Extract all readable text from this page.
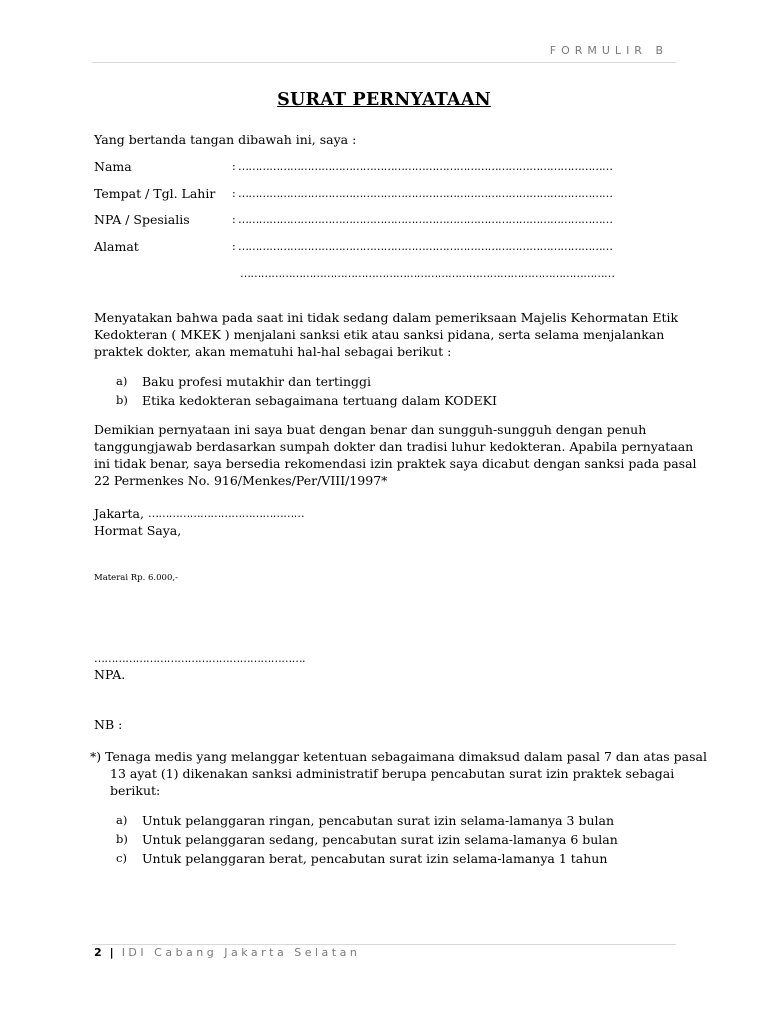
FORMULIR B
SURAT PERNYATAAN
Yang bertanda tangan dibawah ini, saya :
Nama	: ………………………………………………………………………………………………
Tempat / Tgl. Lahir : ………………………………………………………………………………………………
NPA / Spesialis	: ………………………………………………………………………………………………
Alamat	: ………………………………………………………………………………………………
………………………………………………………………………………………………
Menyatakan bahwa pada saat ini tidak sedang dalam pemeriksaan Majelis Kehormatan Etik
Kedokteran ( MKEK ) menjalani sanksi etik atau sanksi pidana, serta selama menjalankan
praktek dokter, akan mematuhi hal-hal sebagai berikut :
a) Baku profesi mutakhir dan tertinggi
b) Etika kedokteran sebagaimana tertuang dalam KODEKI
Demikian pernyataan ini saya buat dengan benar dan sungguh-sungguh dengan penuh
tanggungjawab berdasarkan sumpah dokter dan tradisi luhur kedokteran. Apabila pernyataan
ini tidak benar, saya bersedia rekomendasi izin praktek saya dicabut dengan sanksi pada pasal
22 Permenkes No. 916/Menkes/Per/VIII/1997*
Jakarta, ………………………………………
Hormat Saya,
Materai Rp. 6.000,-
…………………………………………………….
NPA.
NB :
*) Tenaga medis yang melanggar ketentuan sebagaimana dimaksud dalam pasal 7 dan atas pasal
13 ayat (1) dikenakan sanksi administratif berupa pencabutan surat izin praktek sebagai
berikut:
a) Untuk pelanggaran ringan, pencabutan surat izin selama-lamanya 3 bulan
b) Untuk pelanggaran sedang, pencabutan surat izin selama-lamanya 6 bulan
c) Untuk pelanggaran berat, pencabutan surat izin selama-lamanya 1 tahun
2 | IDI Cabang Jakarta Selatan
